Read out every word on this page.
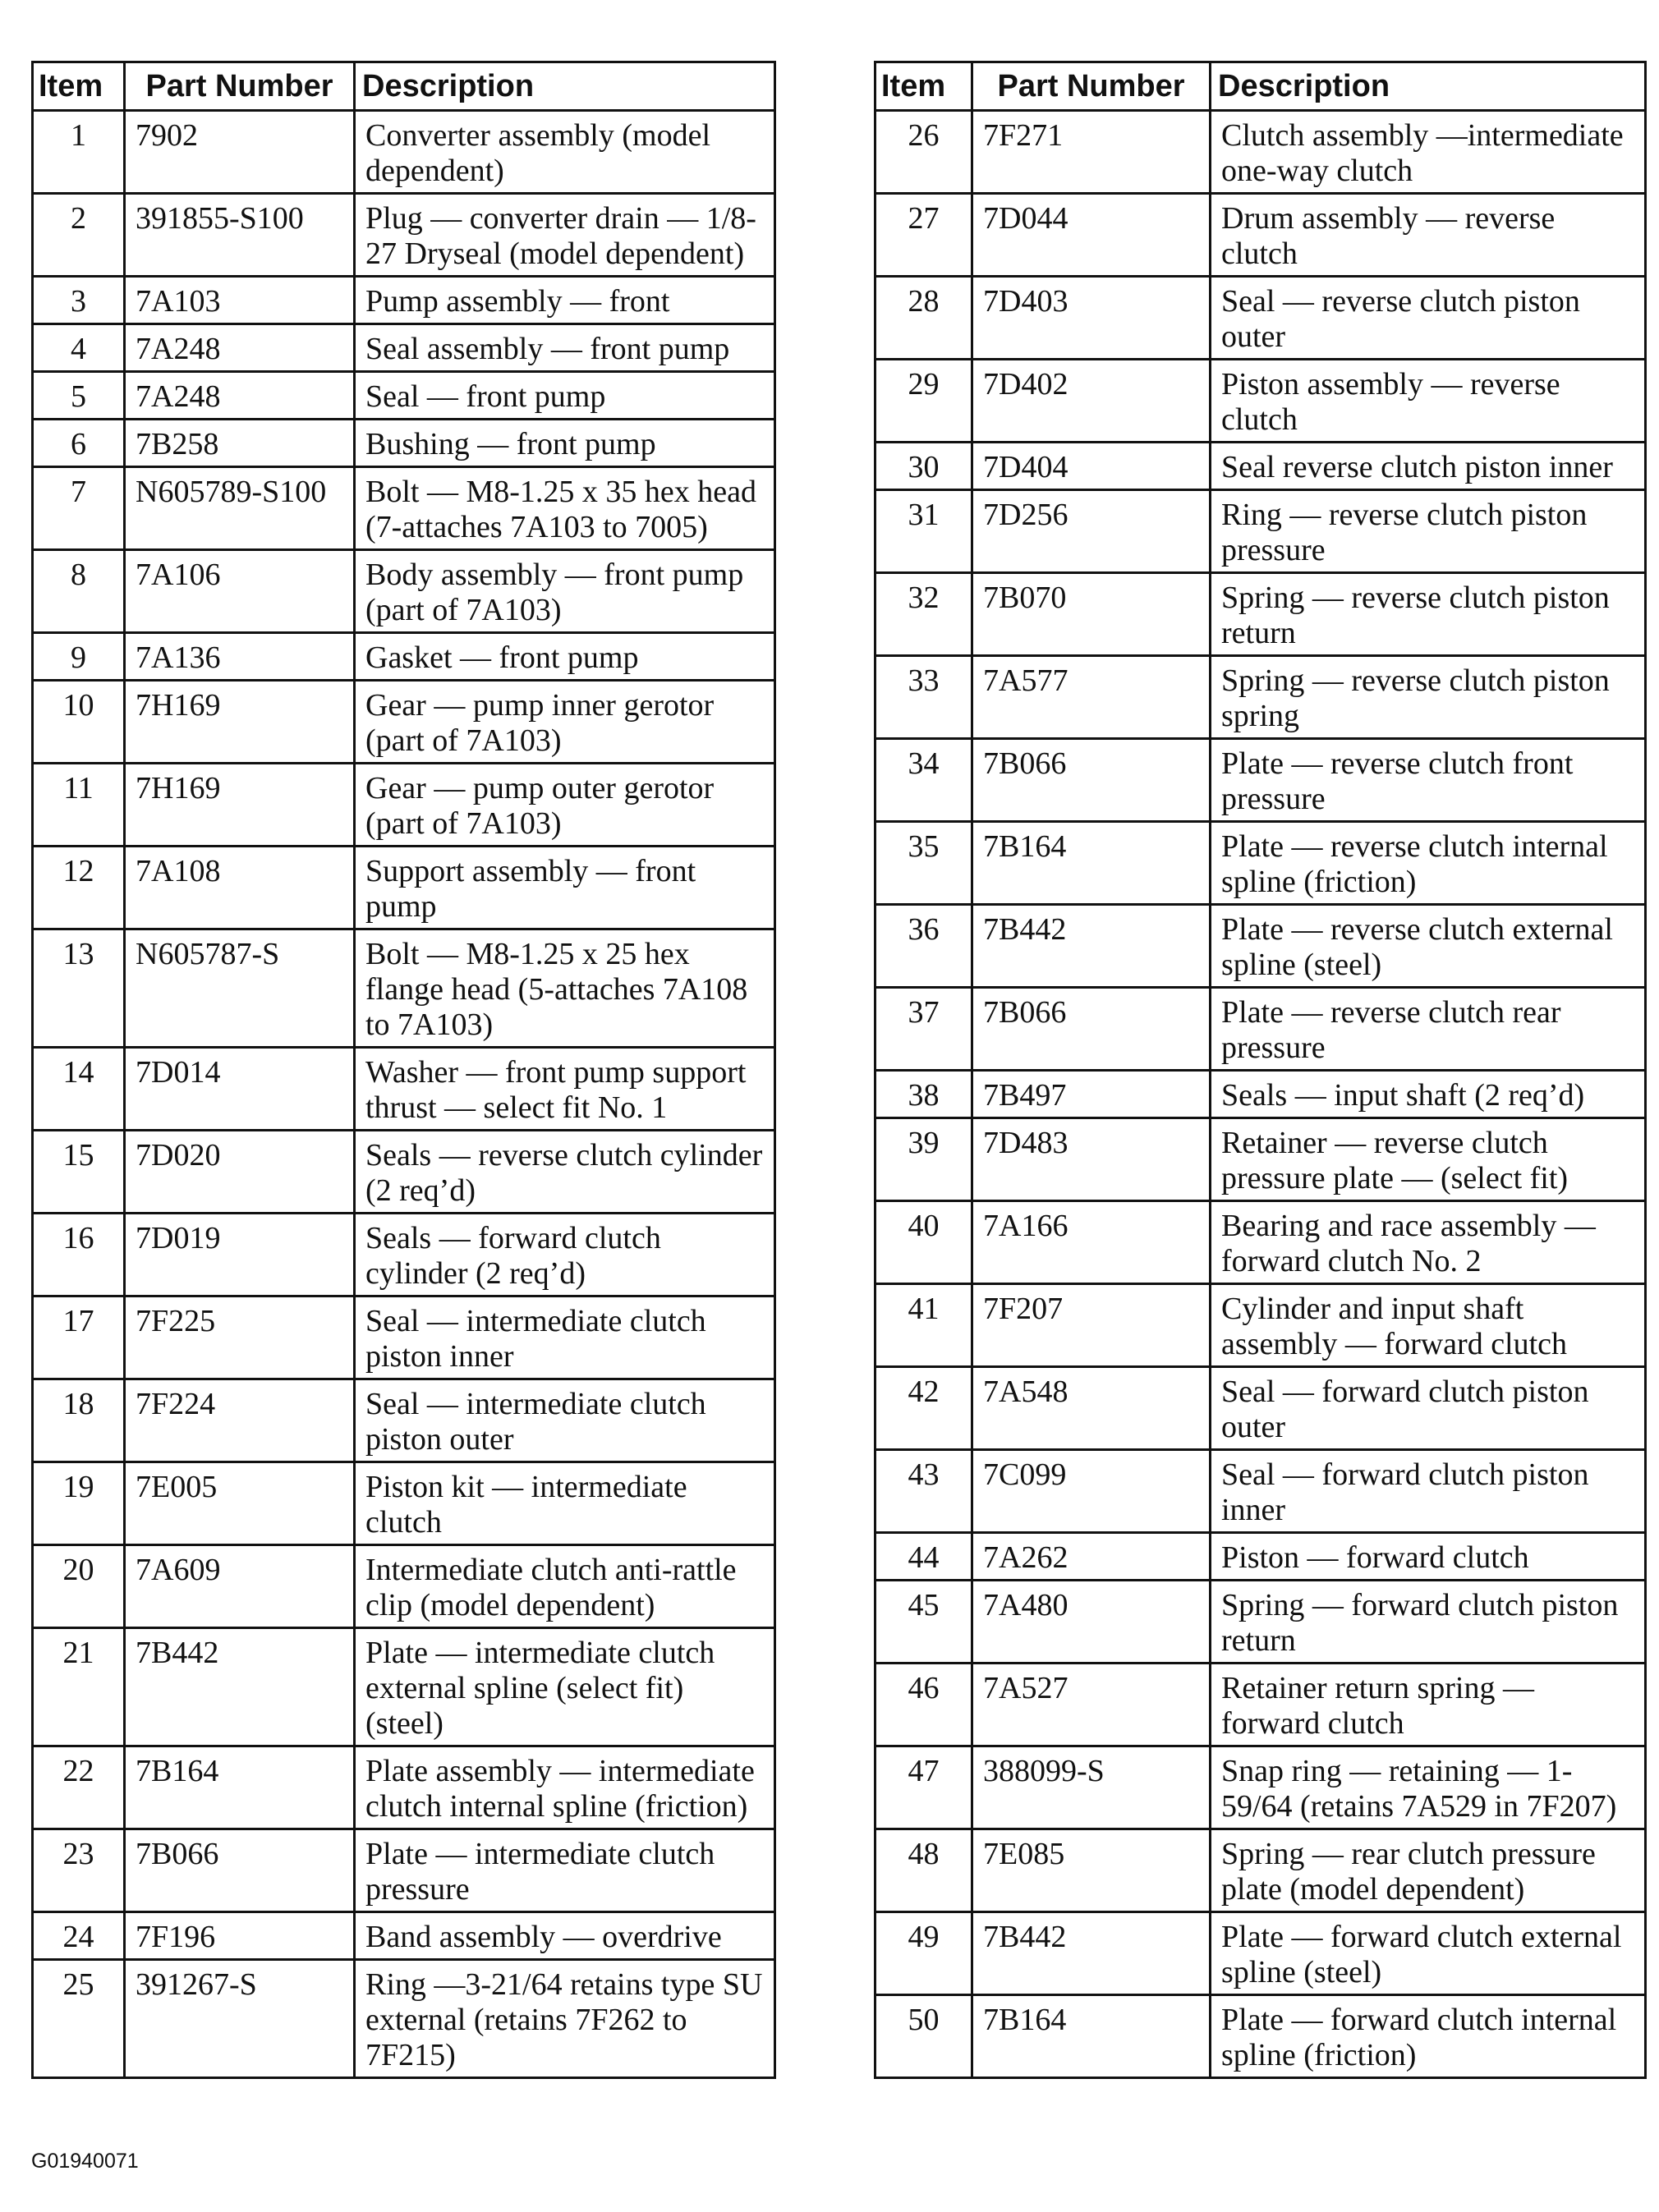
Item	Part Number	Description
1	7902	Converter assembly (model dependent)
2	391855-S100	Plug — converter drain — 1/8-27 Dryseal (model dependent)
3	7A103	Pump assembly — front
4	7A248	Seal assembly — front pump
5	7A248	Seal — front pump
6	7B258	Bushing — front pump
7	N605789-S100	Bolt — M8-1.25 x 35 hex head (7-attaches 7A103 to 7005)
8	7A106	Body assembly — front pump (part of 7A103)
9	7A136	Gasket — front pump
10	7H169	Gear — pump inner gerotor (part of 7A103)
11	7H169	Gear — pump outer gerotor (part of 7A103)
12	7A108	Support assembly — front pump
13	N605787-S	Bolt — M8-1.25 x 25 hex flange head (5-attaches 7A108 to 7A103)
14	7D014	Washer — front pump support thrust — select fit No. 1
15	7D020	Seals — reverse clutch cylinder (2 req’d)
16	7D019	Seals — forward clutch cylinder (2 req’d)
17	7F225	Seal — intermediate clutch piston inner
18	7F224	Seal — intermediate clutch piston outer
19	7E005	Piston kit — intermediate clutch
20	7A609	Intermediate clutch anti-rattle clip (model dependent)
21	7B442	Plate — intermediate clutch external spline (select fit) (steel)
22	7B164	Plate assembly — intermediate clutch internal spline (friction)
23	7B066	Plate — intermediate clutch pressure
24	7F196	Band assembly — overdrive
25	391267-S	Ring —3-21/64 retains type SU external (retains 7F262 to 7F215)
Item	Part Number	Description
26	7F271	Clutch assembly —intermediate one-way clutch
27	7D044	Drum assembly — reverse clutch
28	7D403	Seal — reverse clutch piston outer
29	7D402	Piston assembly — reverse clutch
30	7D404	Seal reverse clutch piston inner
31	7D256	Ring — reverse clutch piston pressure
32	7B070	Spring — reverse clutch piston return
33	7A577	Spring — reverse clutch piston spring
34	7B066	Plate — reverse clutch front pressure
35	7B164	Plate — reverse clutch internal spline (friction)
36	7B442	Plate — reverse clutch external spline (steel)
37	7B066	Plate — reverse clutch rear pressure
38	7B497	Seals — input shaft (2 req’d)
39	7D483	Retainer — reverse clutch pressure plate — (select fit)
40	7A166	Bearing and race assembly — forward clutch No. 2
41	7F207	Cylinder and input shaft assembly — forward clutch
42	7A548	Seal — forward clutch piston outer
43	7C099	Seal — forward clutch piston inner
44	7A262	Piston — forward clutch
45	7A480	Spring — forward clutch piston return
46	7A527	Retainer return spring — forward clutch
47	388099-S	Snap ring — retaining — 1-59/64 (retains 7A529 in 7F207)
48	7E085	Spring — rear clutch pressure plate (model dependent)
49	7B442	Plate — forward clutch external spline (steel)
50	7B164	Plate — forward clutch internal spline (friction)
G01940071
